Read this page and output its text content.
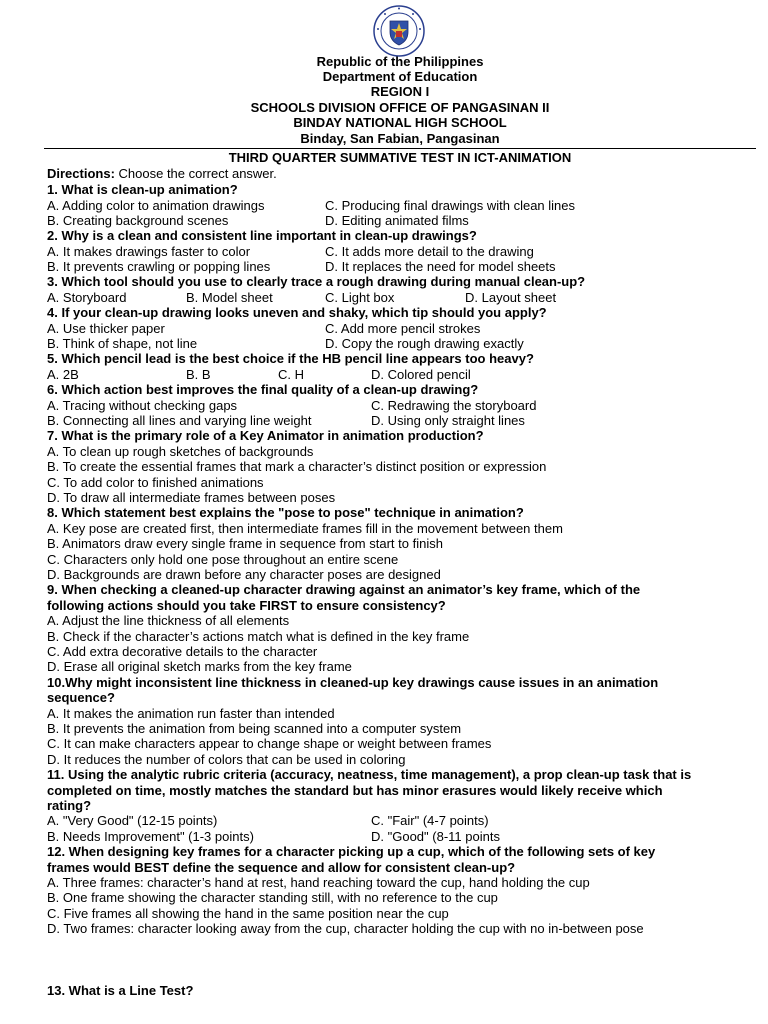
Republic of the Philippines
Department of Education
REGION I
SCHOOLS DIVISION OFFICE OF PANGASINAN II
BINDAY NATIONAL HIGH SCHOOL
Binday, San Fabian, Pangasinan
THIRD QUARTER SUMMATIVE TEST IN ICT-ANIMATION
Directions: Choose the correct answer.
1. What is clean-up animation?
A. Adding color to animation drawings	C. Producing final drawings with clean lines
B. Creating background scenes	D. Editing animated films
2. Why is a clean and consistent line important in clean-up drawings?
A. It makes drawings faster to color	C. It adds more detail to the drawing
B. It prevents crawling or popping lines	D. It replaces the need for model sheets
3. Which tool should you use to clearly trace a rough drawing during manual clean-up?
A. Storyboard	B. Model sheet	C. Light box	D. Layout sheet
4. If your clean-up drawing looks uneven and shaky, which tip should you apply?
A. Use thicker paper	C. Add more pencil strokes
B. Think of shape, not line	D. Copy the rough drawing exactly
5. Which pencil lead is the best choice if the HB pencil line appears too heavy?
A. 2B	B. B	C. H	D. Colored pencil
6. Which action best improves the final quality of a clean-up drawing?
A. Tracing without checking gaps	C. Redrawing the storyboard
B. Connecting all lines and varying line weight	D. Using only straight lines
7. What is the primary role of a Key Animator in animation production?
A. To clean up rough sketches of backgrounds
B. To create the essential frames that mark a character’s distinct position or expression
C. To add color to finished animations
D. To draw all intermediate frames between poses
8. Which statement best explains the "pose to pose" technique in animation?
A. Key pose are created first, then intermediate frames fill in the movement between them
B. Animators draw every single frame in sequence from start to finish
C. Characters only hold one pose throughout an entire scene
D. Backgrounds are drawn before any character poses are designed
9. When checking a cleaned-up character drawing against an animator’s key frame, which of the
following actions should you take FIRST to ensure consistency?
A. Adjust the line thickness of all elements
B. Check if the character’s actions match what is defined in the key frame
C. Add extra decorative details to the character
D. Erase all original sketch marks from the key frame
10.Why might inconsistent line thickness in cleaned-up key drawings cause issues in an animation
sequence?
A. It makes the animation run faster than intended
B. It prevents the animation from being scanned into a computer system
C. It can make characters appear to change shape or weight between frames
D. It reduces the number of colors that can be used in coloring
11. Using the analytic rubric criteria (accuracy, neatness, time management), a prop clean-up task that is
completed on time, mostly matches the standard but has minor erasures would likely receive which
rating?
A. "Very Good" (12-15 points)	C. "Fair" (4-7 points)
B. Needs Improvement" (1-3 points)	D. "Good" (8-11 points
12. When designing key frames for a character picking up a cup, which of the following sets of key
frames would BEST define the sequence and allow for consistent clean-up?
A. Three frames: character’s hand at rest, hand reaching toward the cup, hand holding the cup
B. One frame showing the character standing still, with no reference to the cup
C. Five frames all showing the hand in the same position near the cup
D. Two frames: character looking away from the cup, character holding the cup with no in-between pose
13. What is a Line Test?
